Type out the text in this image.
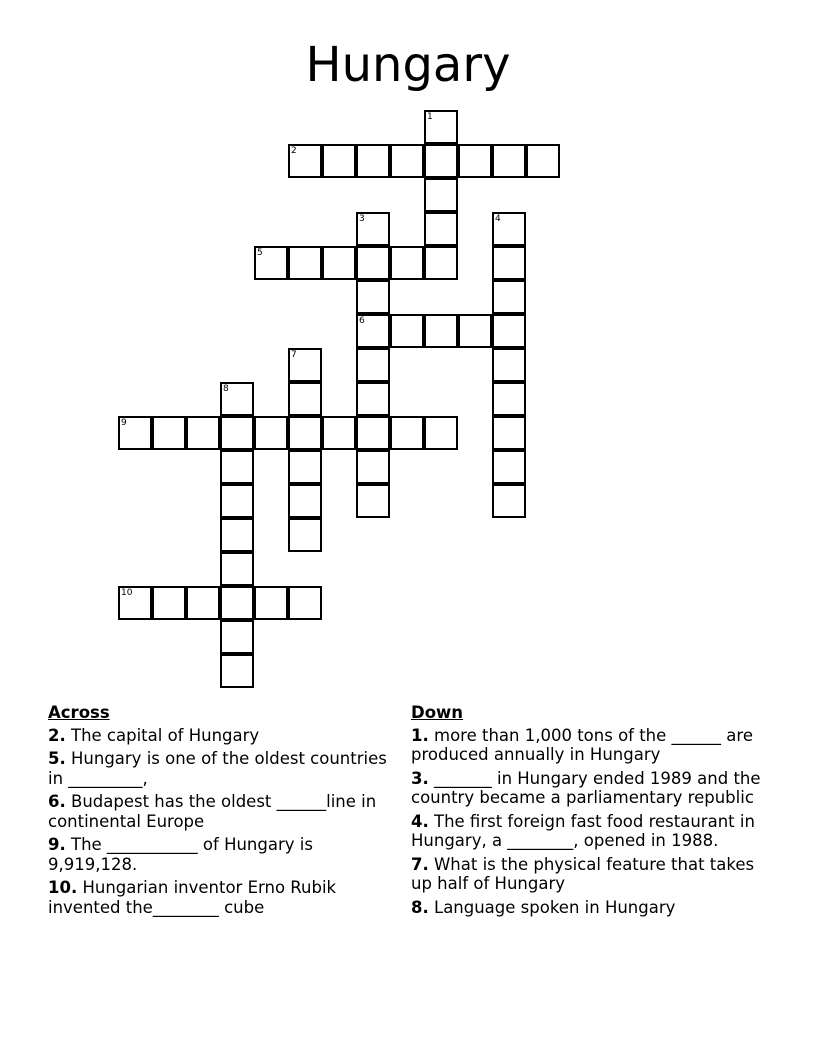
Hungary
1
2
3
6
4
5
7
8
9
10
Across
2. The capital of Hungary
5. Hungary is one of the oldest countries in _________,
6. Budapest has the oldest ______line in continental Europe
9. The ___________ of Hungary is 9,919,128.
10. Hungarian inventor Erno Rubik invented the________ cube
Down
1. more than 1,000 tons of the ______ are produced annually in Hungary
3. _______ in Hungary ended 1989 and the country became a parliamentary republic
4. The first foreign fast food restaurant in Hungary, a ________, opened in 1988.
7. What is the physical feature that takes up half of Hungary
8. Language spoken in Hungary
